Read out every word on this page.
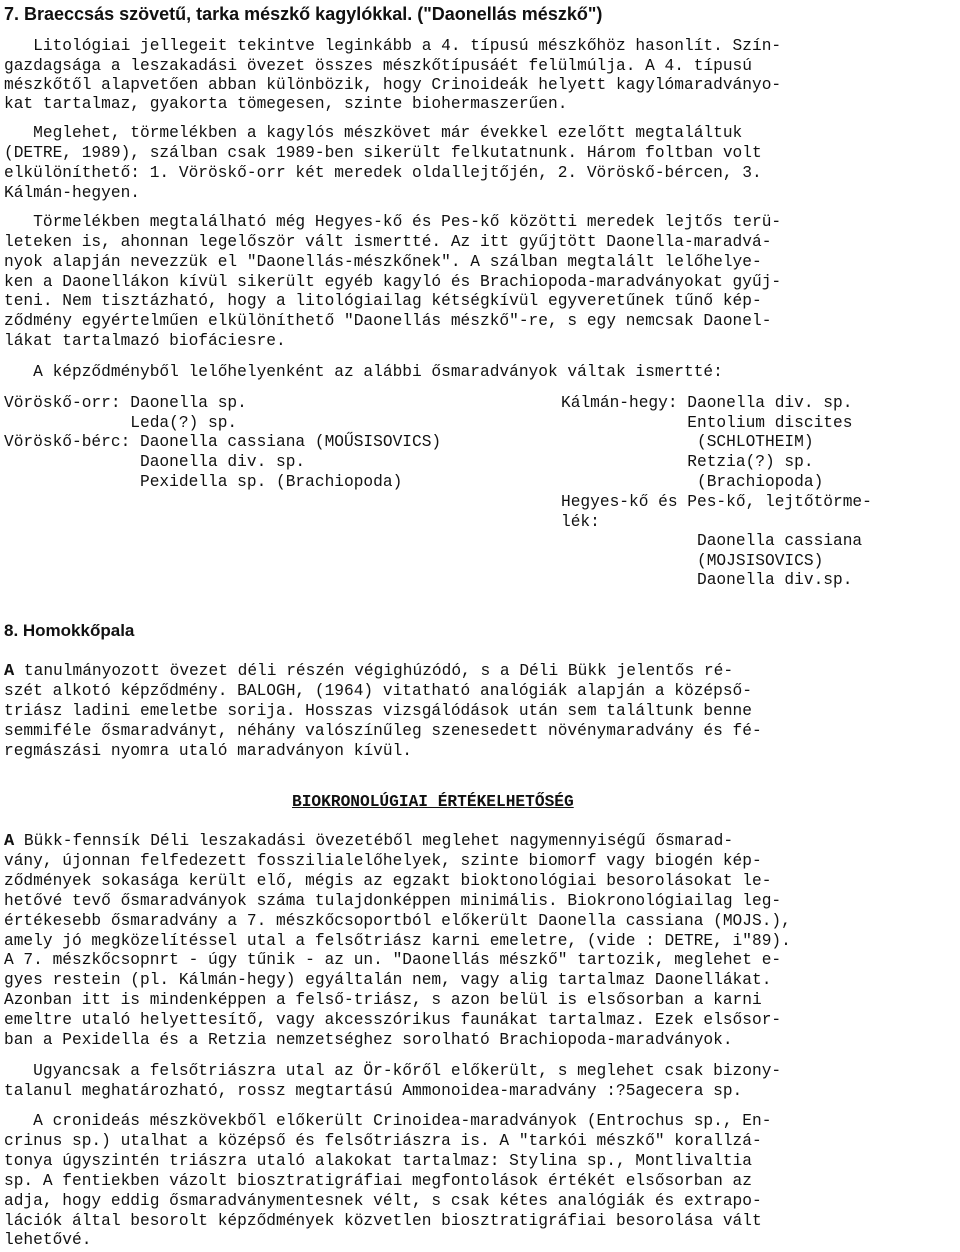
7. Braeccsás szövetű, tarka mészkő kagylókkal. ("Daonellás mészkő")
Litológiai jellegeit tekintve leginkább a 4. típusú mészkőhöz hasonlít. Szín-
gazdagsága a leszakadási övezet összes mészkőtípusáét felülmúlja. A 4. típusú
mészkőtől alapvetően abban különbözik, hogy Crinoideák helyett kagylómaradványo-
kat tartalmaz, gyakorta tömegesen, szinte biohermaszerűen.
Meglehet, törmelékben a kagylós mészkövet már évekkel ezelőtt megtaláltuk
(DETRE, 1989), szálban csak 1989-ben sikerült felkutatnunk. Három foltban volt
elkülöníthető: 1. Vöröskő-orr két meredek oldallejtőjén, 2. Vöröskő-bércen, 3.
Kálmán-hegyen.
Törmelékben megtalálható még Hegyes-kő és Pes-kő közötti meredek lejtős terü-
leteken is, ahonnan legelőször vált ismertté. Az itt gyűjtött Daonella-maradvá-
nyok alapján nevezzük el "Daonellás-mészkőnek". A szálban megtalált lelőhelye-
ken a Daonellákon kívül sikerült egyéb kagyló és Brachiopoda-maradványokat gyűj-
teni. Nem tisztázható, hogy a litológiailag kétségkívül egyveretűnek tűnő kép-
ződmény egyértelműen elkülöníthető "Daonellás mészkő"-re, s egy nemcsak Daonel-
lákat tartalmazó biofáciesre.
A képződményből lelőhelyenként az alábbi ősmaradványok váltak ismertté:
Vöröskő-orr: Daonella sp.
Leda(?) sp.
Vöröskő-bérc: Daonella cassiana (MOŰSISOVICS)
Daonella div. sp.
Pexidella sp. (Brachiopoda)
Kálmán-hegy: Daonella div. sp.
Entolium discites
(SCHLOTHEIM)
Retzia(?) sp.
(Brachiopoda)
Hegyes-kő és Pes-kő, lejtőtörme-
lék:
Daonella cassiana
(MOJSISOVICS)
Daonella div.sp.
8. Homokkőpala
A tanulmányozott övezet déli részén végighúzódó, s a Déli Bükk jelentős ré-
szét alkotó képződmény. BALOGH, (1964) vitatható analógiák alapján a középső-
triász ladini emeletbe sorija. Hosszas vizsgálódások után sem találtunk benne
semmiféle ősmaradványt, néhány valószínűleg szenesedett növénymaradvány és fé-
regmászási nyomra utaló maradványon kívül.
BIOKRONOLÚGIAI ÉRTÉKELHETŐSÉG
A Bükk-fennsík Déli leszakadási övezetéből meglehet nagymennyiségű ősmarad-
vány, újonnan felfedezett fosszilialelőhelyek, szinte biomorf vagy biogén kép-
ződmények sokasága került elő, mégis az egzakt bioktonológiai besorolásokat le-
hetővé tevő ősmaradványok száma tulajdonképpen minimális. Biokronológiailag leg-
értékesebb ősmaradvány a 7. mészkőcsoportból előkerült Daonella cassiana (MOJS.),
amely jó megközelítéssel utal a felsőtriász karni emeletre, (vide : DETRE, i"89).
A 7. mészkőcsopnrt - úgy tűnik - az un. "Daonellás mészkő" tartozik, meglehet e-
gyes restein (pl. Kálmán-hegy) egyáltalán nem, vagy alig tartalmaz Daonellákat.
Azonban itt is mindenképpen a felső-triász, s azon belül is elsősorban a karni
emeltre utaló helyettesítő, vagy akcesszórikus faunákat tartalmaz. Ezek elsősor-
ban a Pexidella és a Retzia nemzetséghez sorolható Brachiopoda-maradványok.
Ugyancsak a felsőtriászra utal az Ör-kőről előkerült, s meglehet csak bizony-
talanul meghatározható, rossz megtartású Ammonoidea-maradvány :?5agecera sp.
A cronideás mészkövekből előkerült Crinoidea-maradványok (Entrochus sp., En-
crinus sp.) utalhat a középső és felsőtriászra is. A "tarkói mészkő" korallzá-
tonya úgyszintén triászra utaló alakokat tartalmaz: Stylina sp., Montlivaltia
sp. A fentiekben vázolt biosztratigráfiai megfontolások értékét elsősorban az
adja, hogy eddig ősmaradványmentesnek vélt, s csak kétes analógiák és extrapo-
lációk által besorolt képződmények közvetlen biosztratigráfiai besorolása vált
lehetővé.
